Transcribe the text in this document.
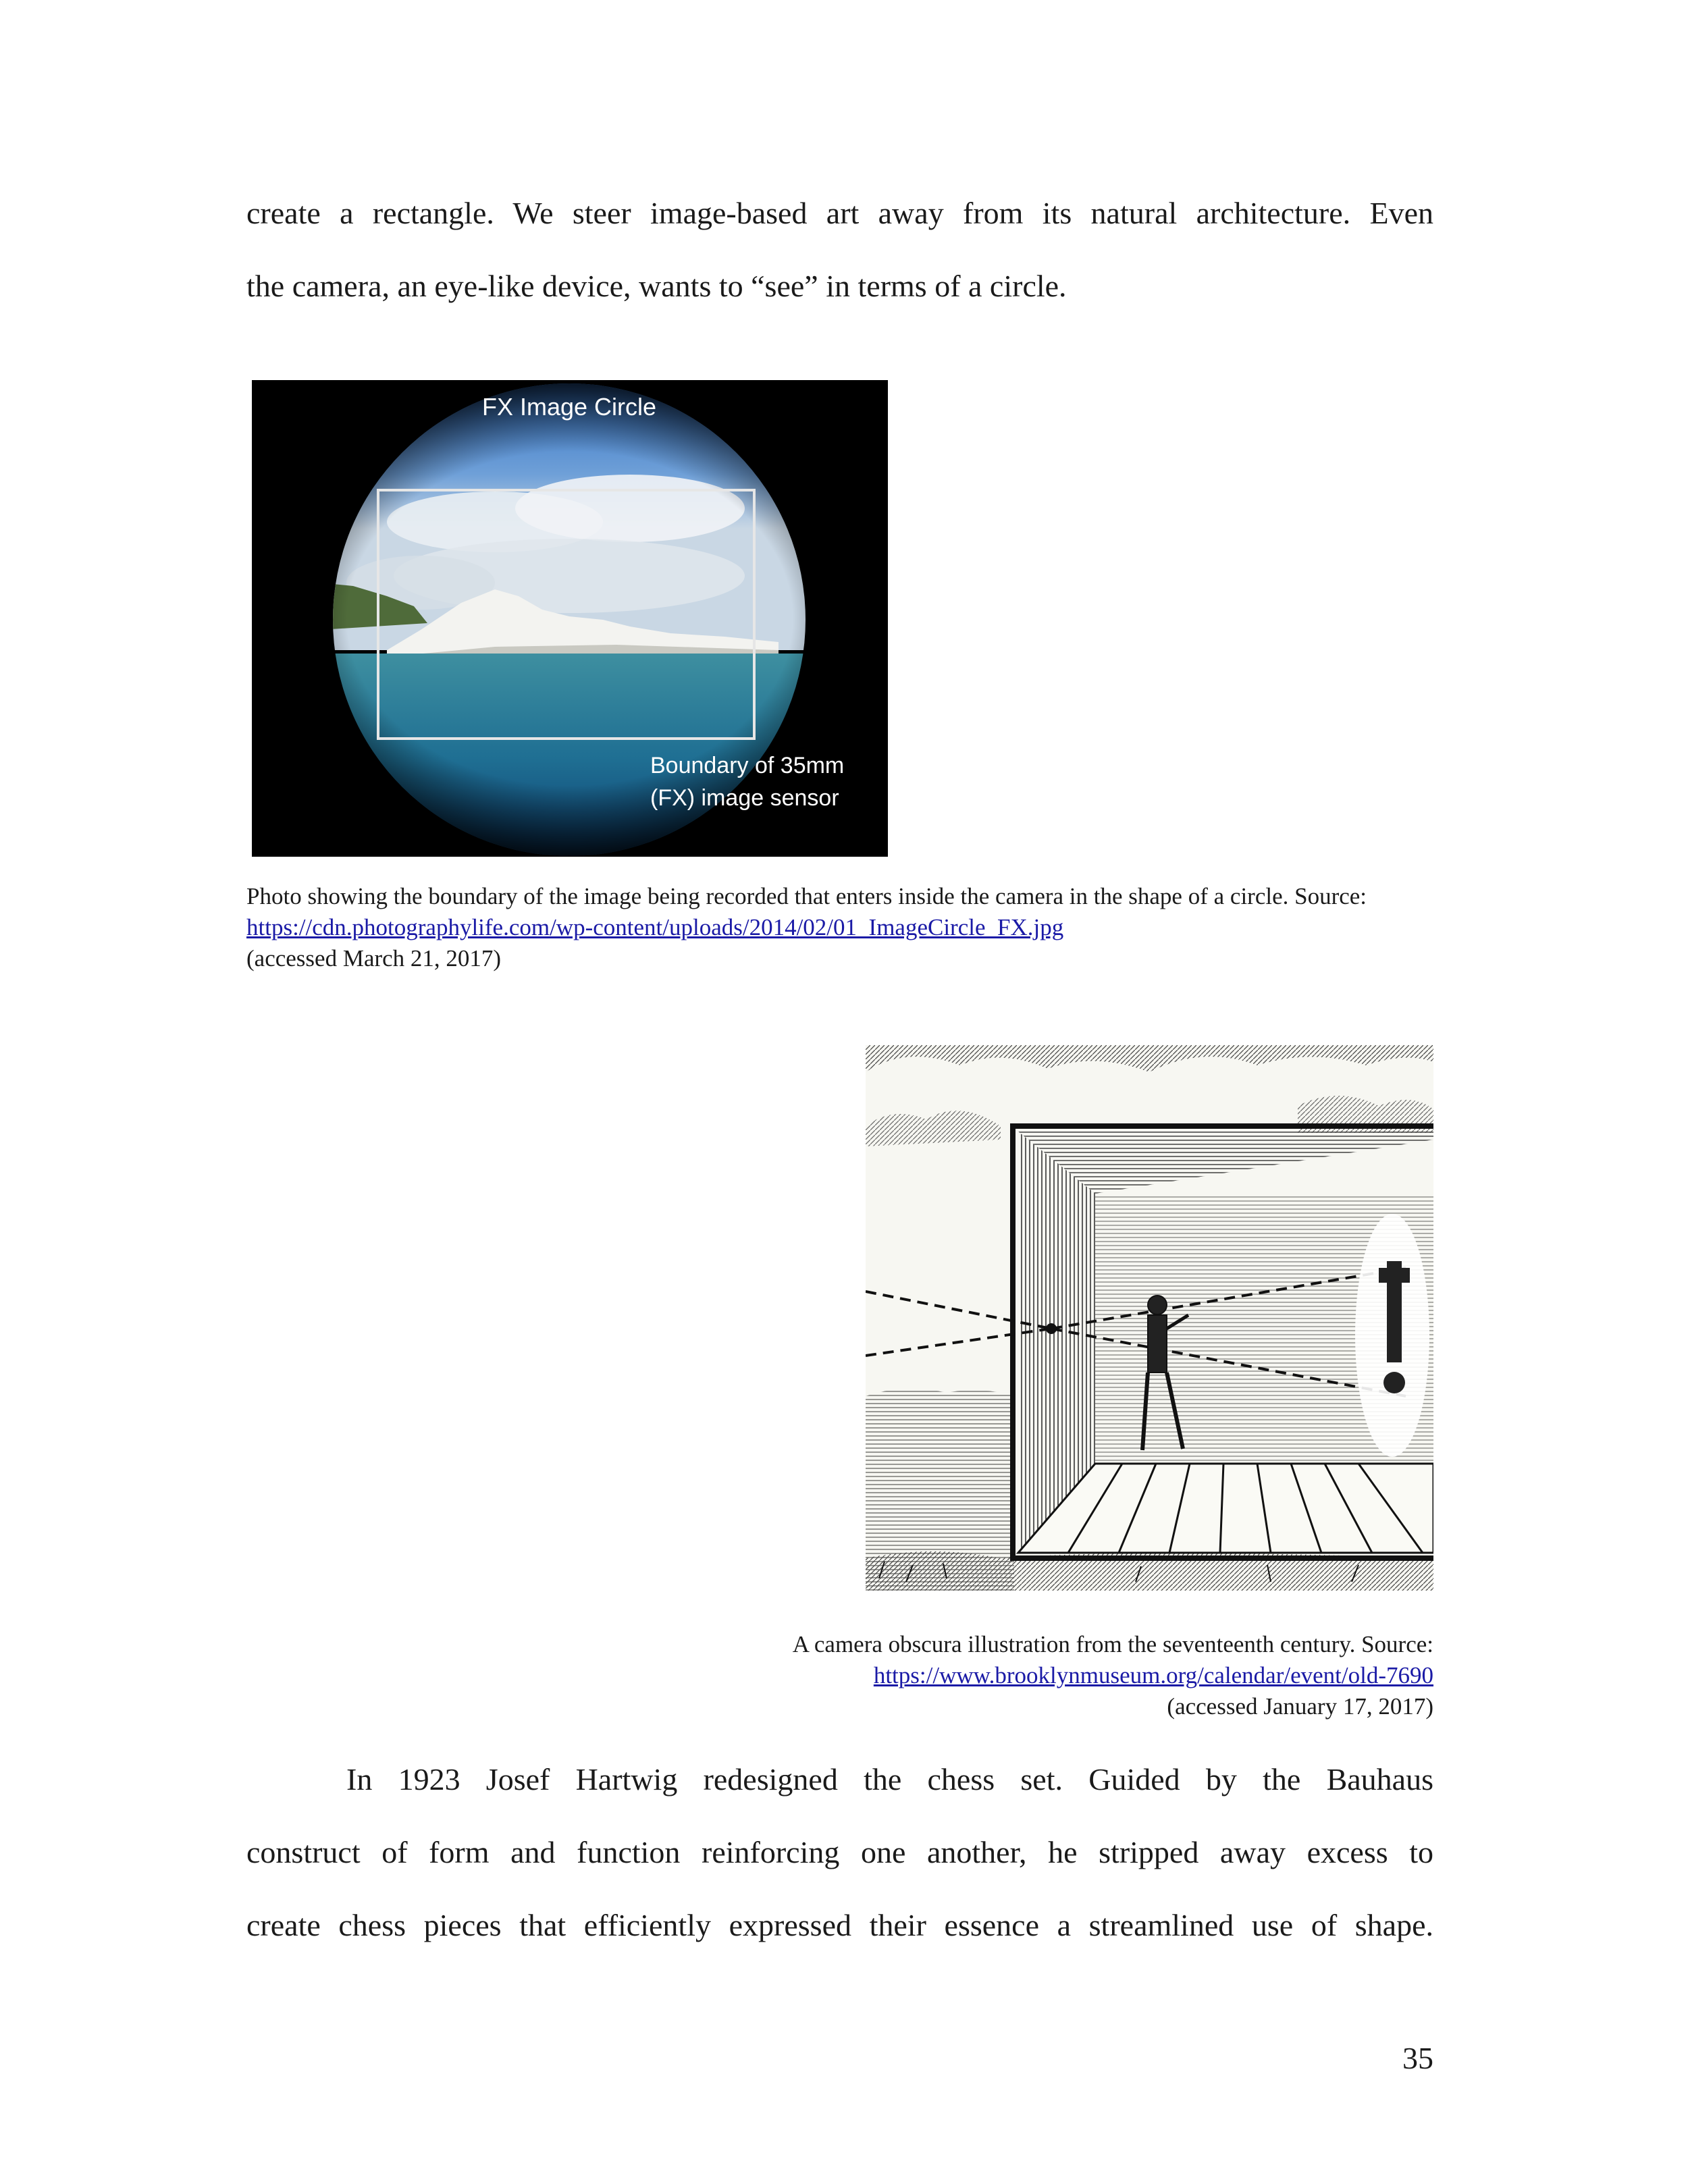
create a rectangle. We steer image-based art away from its natural architecture. Even

the camera, an eye-like device, wants to “see” in terms of a circle.

FX Image Circle
Boundary of 35mm
(FX) image sensor

Photo showing the boundary of the image being recorded that enters inside the camera in the shape of a circle. Source: https://cdn.photographylife.com/wp-content/uploads/2014/02/01_ImageCircle_FX.jpg
(accessed March 21, 2017)

A camera obscura illustration from the seventeenth century. Source:
https://www.brooklynmuseum.org/calendar/event/old-7690
(accessed January 17, 2017)

In 1923 Josef Hartwig redesigned the chess set. Guided by the Bauhaus

construct of form and function reinforcing one another, he stripped away excess to

create chess pieces that efficiently expressed their essence a streamlined use of shape.

35
